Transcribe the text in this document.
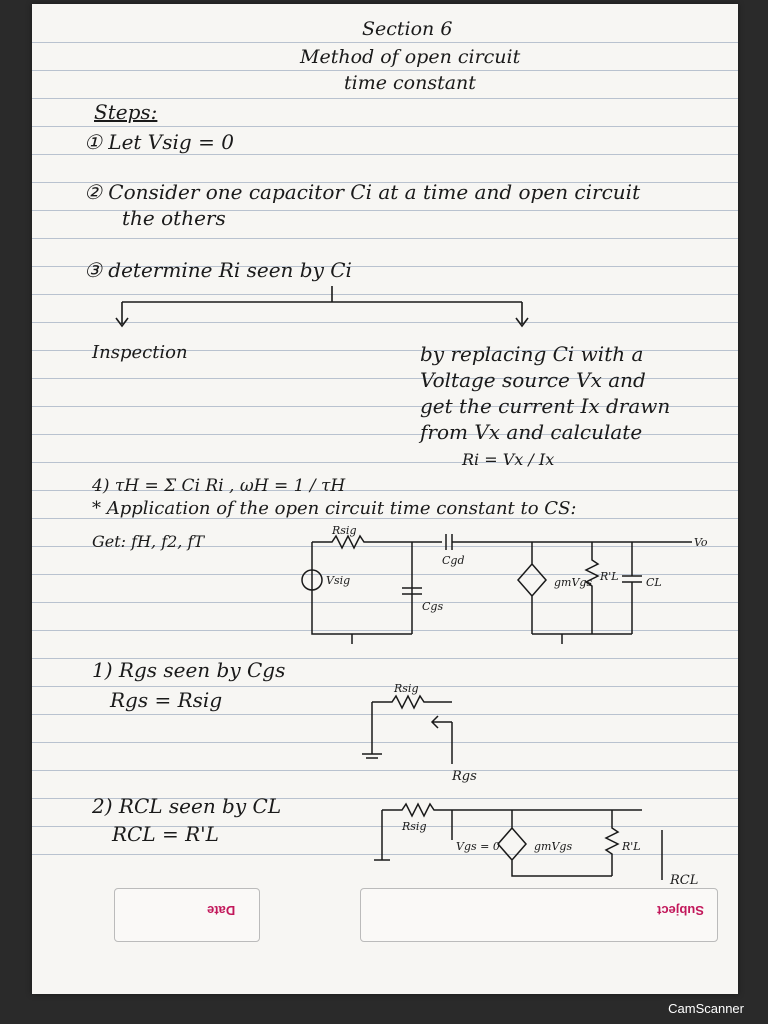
Section 6
Method of open circuit
time constant
Steps:
① Let Vsig = 0
② Consider one capacitor Ci at a time and open circuit
the others
③ determine Ri seen by Ci
Inspection	by replacing Ci with a
Voltage source Vx and
get the current Ix drawn
from Vx and calculate
Ri = Vx / Ix
4) τH = Σ Ci Ri , ωH = 1 / τH
* Application of the open circuit time constant to CS:
Get: fH, f2, fT
Rsig
Cgd
Vsig
Cgs
gmVgs R'L CL
Vo
1) Rgs seen by Cgs
Rgs = Rsig	Rsig
Rgs
2) RCL seen by CL
RCL = R'L	Rsig
Vgs = 0	gmVgs	R'L
RCL
Date	Subject
CamScanner
